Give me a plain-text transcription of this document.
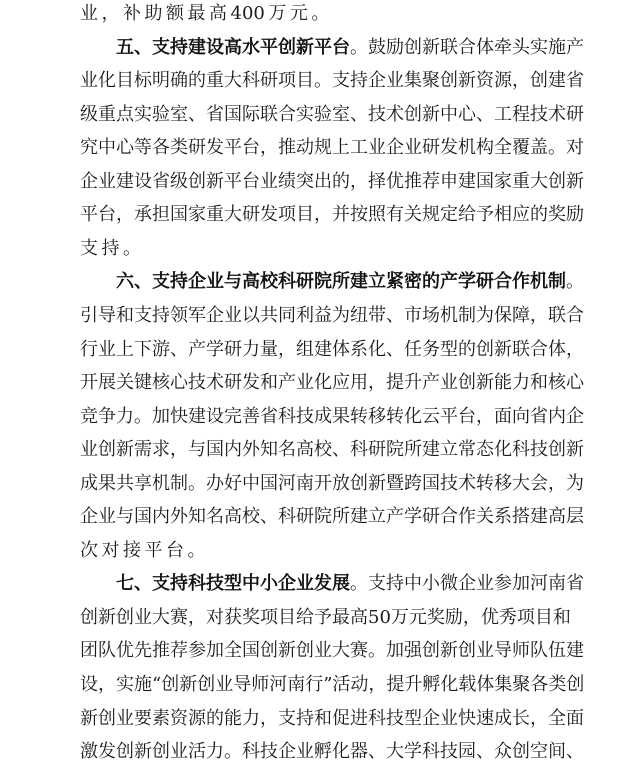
业 ， 补 助 额 最 高 400 万 元 。
五 、 支 持 建 设 高 水 平 创 新 平 台 。 鼓 励 创 新 联 合 体 牵 头 实 施 产
业 化 目 标 明 确 的 重 大 科 研 项 目 。 支 持 企 业 集 聚 创 新 资 源 ， 创 建 省
级 重 点 实 验 室 、 省 国 际 联 合 实 验 室 、 技 术 创 新 中 心 、 工 程 技 术 研
究 中 心 等 各 类 研 发 平 台 ， 推 动 规 上 工 业 企 业 研 发 机 构 全 覆 盖 。 对
企 业 建 设 省 级 创 新 平 台 业 绩 突 出 的 ， 择 优 推 荐 申 建 国 家 重 大 创 新
平 台 ， 承 担 国 家 重 大 研 发 项 目 ， 并 按 照 有 关 规 定 给 予 相 应 的 奖 励
支 持 。
六 、 支 持 企 业 与 高 校 科 研 院 所 建 立 紧 密 的 产 学 研 合 作 机 制 。
引 导 和 支 持 领 军 企 业 以 共 同 利 益 为 纽 带 、 市 场 机 制 为 保 障 ， 联 合
行 业 上 下 游 、 产 学 研 力 量 ， 组 建 体 系 化 、 任 务 型 的 创 新 联 合 体 ，
开 展 关 键 核 心 技 术 研 发 和 产 业 化 应 用 ， 提 升 产 业 创 新 能 力 和 核 心
竞 争 力 。 加 快 建 设 完 善 省 科 技 成 果 转 移 转 化 云 平 台 ， 面 向 省 内 企
业 创 新 需 求 ， 与 国 内 外 知 名 高 校 、 科 研 院 所 建 立 常 态 化 科 技 创 新
成 果 共 享 机 制 。 办 好 中 国 河 南 开 放 创 新 暨 跨 国 技 术 转 移 大 会 ， 为
企 业 与 国 内 外 知 名 高 校 、 科 研 院 所 建 立 产 学 研 合 作 关 系 搭 建 高 层
次 对 接 平 台 。
七 、 支 持 科 技 型 中 小 企 业 发 展 。 支 持 中 小 微 企 业 参 加 河 南 省
创 新 创 业 大 赛 ， 对 获 奖 项 目 给 予 最 高 50 万 元 奖 励 ， 优 秀 项 目 和
团 队 优 先 推 荐 参 加 全 国 创 新 创 业 大 赛 。 加 强 创 新 创 业 导 师 队 伍 建
设 ， 实 施 “ 创 新 创 业 导 师 河 南 行 ” 活 动 ， 提 升 孵 化 载 体 集 聚 各 类 创
新 创 业 要 素 资 源 的 能 力 ， 支 持 和 促 进 科 技 型 企 业 快 速 成 长 ， 全 面
激 发 创 新 创 业 活 力 。 科 技 企 业 孵 化 器 、 大 学 科 技 园 、 众 创 空 间 、
